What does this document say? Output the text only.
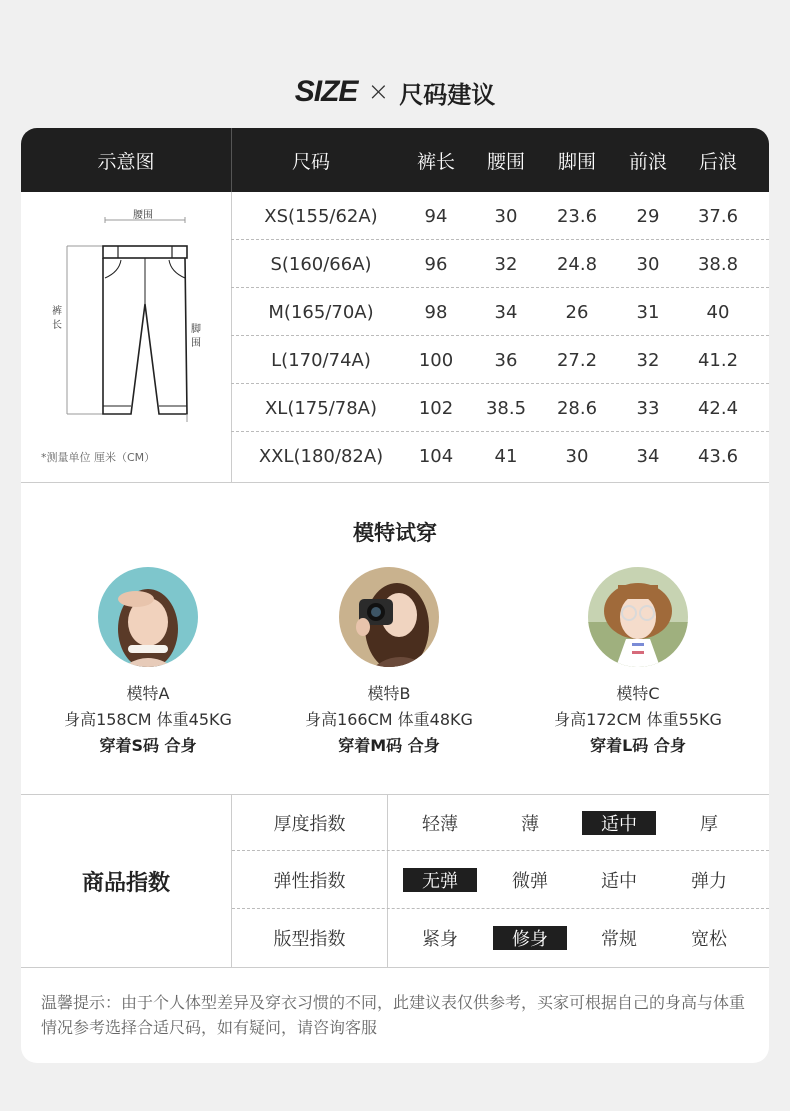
SIZE × 尺码建议
示意图	尺码	裤长	腰围	脚围	前浪	后浪
腰围
裤
长	脚
围
*测量单位 厘米（CM）
XS(155/62A)	94	30	23.6	29	37.6
S(160/66A)	96	32	24.8	30	38.8
M(165/70A)	98	34	26	31	40
L(170/74A)	100	36	27.2	32	41.2
XL(175/78A)	102	38.5	28.6	33	42.4
XXL(180/82A)	104	41	30	34	43.6
模特试穿
模特A
身高158CM 体重45KG
穿着S码 合身
模特B
身高166CM 体重48KG
穿着M码 合身
模特C
身高172CM 体重55KG
穿着L码 合身
商品指数
厚度指数	轻薄	薄	适中	厚
弹性指数	无弹	微弹	适中	弹力
版型指数	紧身	修身	常规	宽松
温馨提示：由于个人体型差异及穿衣习惯的不同，此建议表仅供参考，买家可根据自己的身高与体重情况参考选择合适尺码，如有疑问，请咨询客服
